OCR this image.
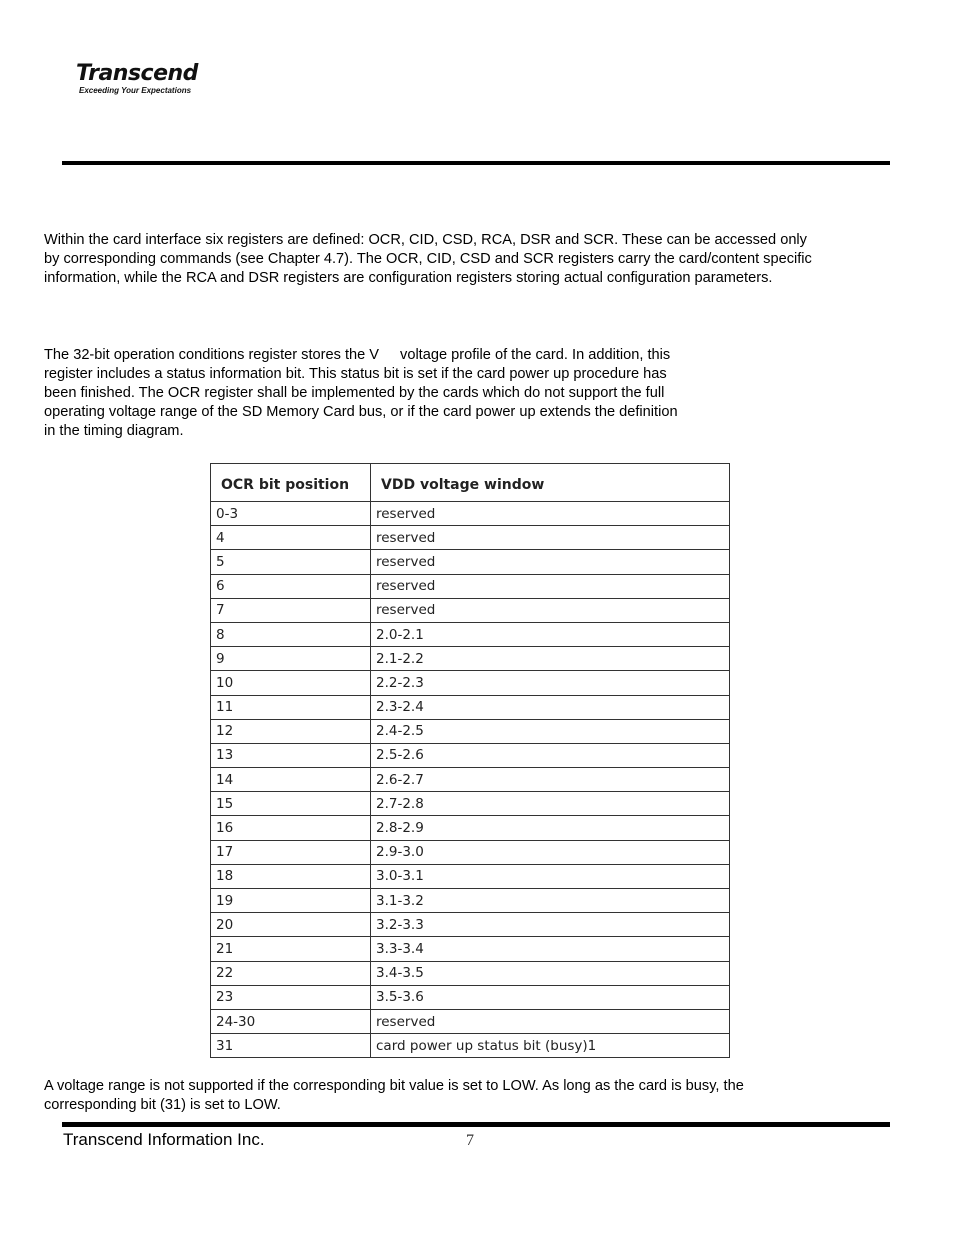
Transcend
Exceeding Your Expectations

Within the card interface six registers are defined: OCR, CID, CSD, RCA, DSR and SCR. These can be accessed only
by corresponding commands (see Chapter 4.7). The OCR, CID, CSD and SCR registers carry the card/content specific
information, while the RCA and DSR registers are configuration registers storing actual configuration parameters.

The 32-bit operation conditions register stores the V voltage profile of the card. In addition, this
register includes a status information bit. This status bit is set if the card power up procedure has
been finished. The OCR register shall be implemented by the cards which do not support the full
operating voltage range of the SD Memory Card bus, or if the card power up extends the definition
in the timing diagram.

OCR bit position	VDD voltage window
0-3	reserved
4	reserved
5	reserved
6	reserved
7	reserved
8	2.0-2.1
9	2.1-2.2
10	2.2-2.3
11	2.3-2.4
12	2.4-2.5
13	2.5-2.6
14	2.6-2.7
15	2.7-2.8
16	2.8-2.9
17	2.9-3.0
18	3.0-3.1
19	3.1-3.2
20	3.2-3.3
21	3.3-3.4
22	3.4-3.5
23	3.5-3.6
24-30	reserved
31	card power up status bit (busy)1

A voltage range is not supported if the corresponding bit value is set to LOW. As long as the card is busy, the
corresponding bit (31) is set to LOW.

Transcend Information Inc.	7
